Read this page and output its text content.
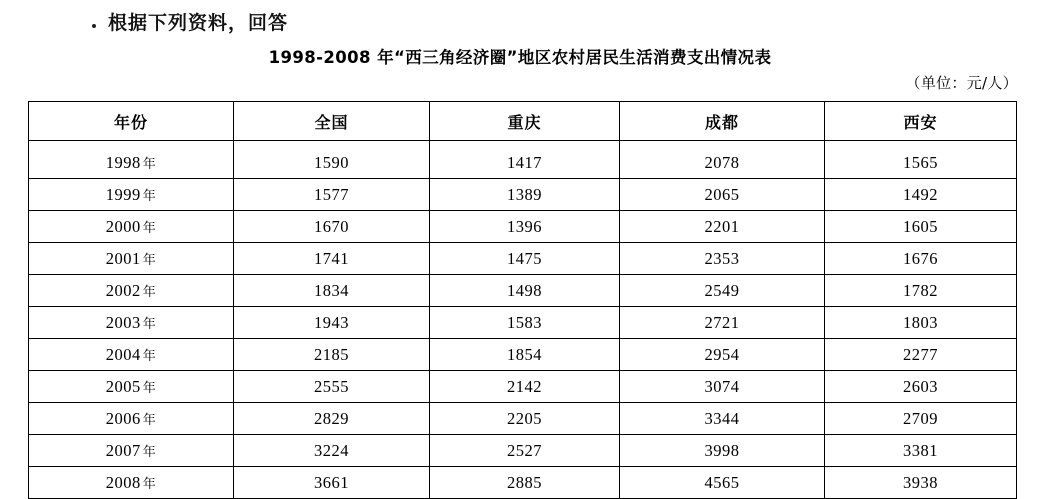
根据下列资料，回答
1998-2008 年“西三角经济圈”地区农村居民生活消费支出情况表
（单位：元/人）
年份	全国	重庆	成都	西安
1998 年	1590	1417	2078	1565
1999 年	1577	1389	2065	1492
2000 年	1670	1396	2201	1605
2001 年	1741	1475	2353	1676
2002 年	1834	1498	2549	1782
2003 年	1943	1583	2721	1803
2004 年	2185	1854	2954	2277
2005 年	2555	2142	3074	2603
2006 年	2829	2205	3344	2709
2007 年	3224	2527	3998	3381
2008 年	3661	2885	4565	3938
